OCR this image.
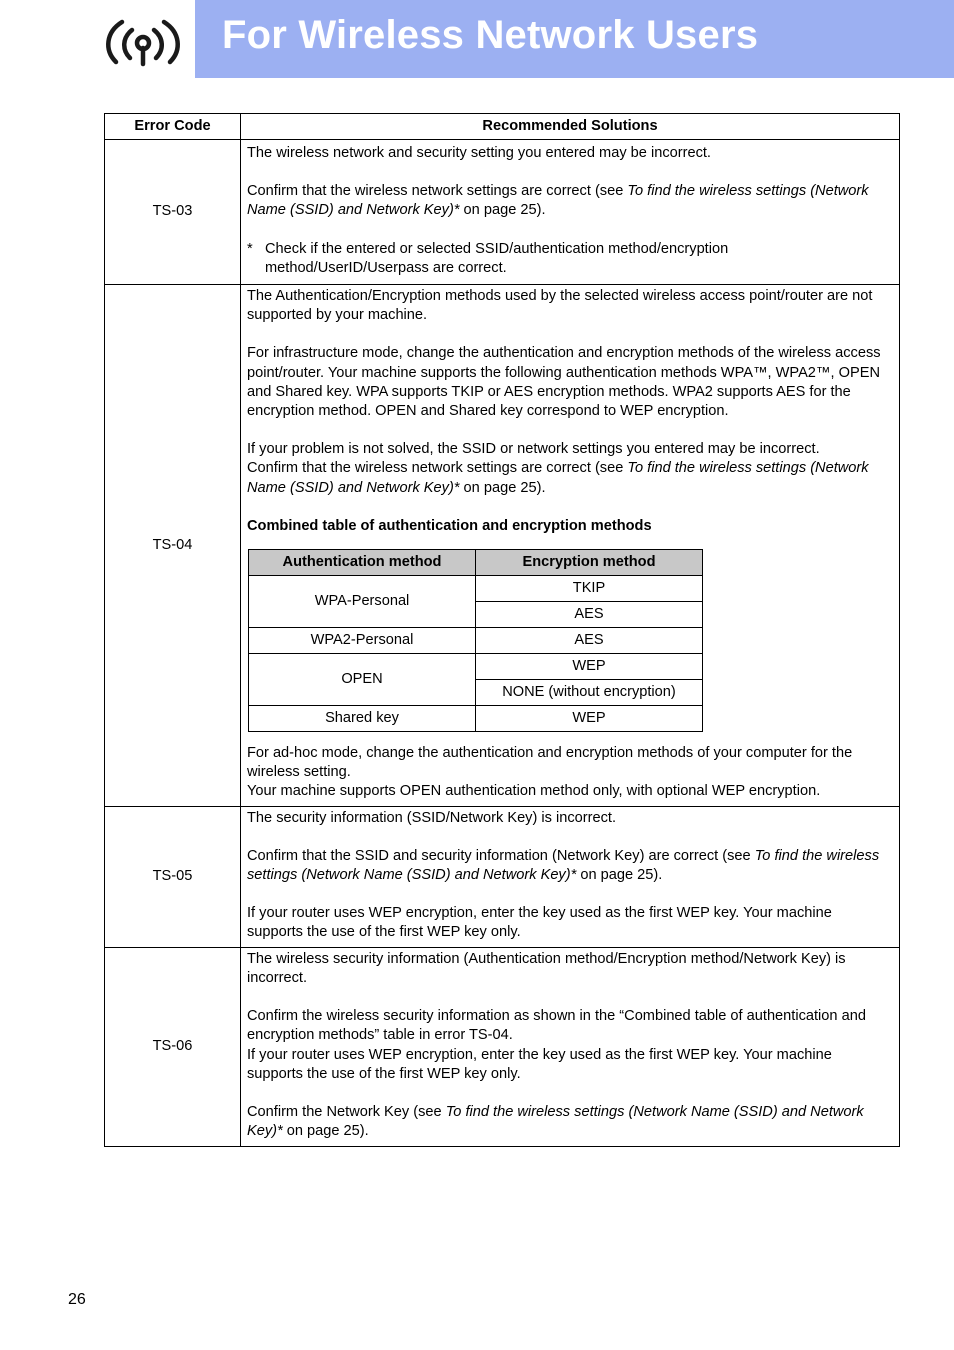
For Wireless Network Users
Error Code	Recommended Solutions
TS-03	

The wireless network and security setting you entered may be incorrect.

Confirm that the wireless network settings are correct (see To find the wireless settings (Network Name (SSID) and Network Key)* on page 25).

* Check if the entered or selected SSID/authentication method/encryption method/UserID/Userpass are correct.

TS-04	

The Authentication/Encryption methods used by the selected wireless access point/router are not supported by your machine.

For infrastructure mode, change the authentication and encryption methods of the wireless access point/router. Your machine supports the following authentication methods WPA™, WPA2™, OPEN and Shared key. WPA supports TKIP or AES encryption methods. WPA2 supports AES for the encryption method. OPEN and Shared key correspond to WEP encryption.

If your problem is not solved, the SSID or network settings you entered may be incorrect.

Confirm that the wireless network settings are correct (see To find the wireless settings (Network Name (SSID) and Network Key)* on page 25).

Combined table of authentication and encryption methods

Authentication method	Encryption method
WPA-Personal	TKIP
AES
WPA2-Personal	AES
OPEN	WEP
NONE (without encryption)
Shared key	WEP

For ad-hoc mode, change the authentication and encryption methods of your computer for the wireless setting.

Your machine supports OPEN authentication method only, with optional WEP encryption.

TS-05	

The security information (SSID/Network Key) is incorrect.

Confirm that the SSID and security information (Network Key) are correct (see To find the wireless settings (Network Name (SSID) and Network Key)* on page 25).

If your router uses WEP encryption, enter the key used as the first WEP key. Your machine supports the use of the first WEP key only.

TS-06	

The wireless security information (Authentication method/Encryption method/Network Key) is incorrect.

Confirm the wireless security information as shown in the “Combined table of authentication and encryption methods” table in error TS-04.

If your router uses WEP encryption, enter the key used as the first WEP key. Your machine supports the use of the first WEP key only.

Confirm the Network Key (see To find the wireless settings (Network Name (SSID) and Network Key)* on page 25).

26
